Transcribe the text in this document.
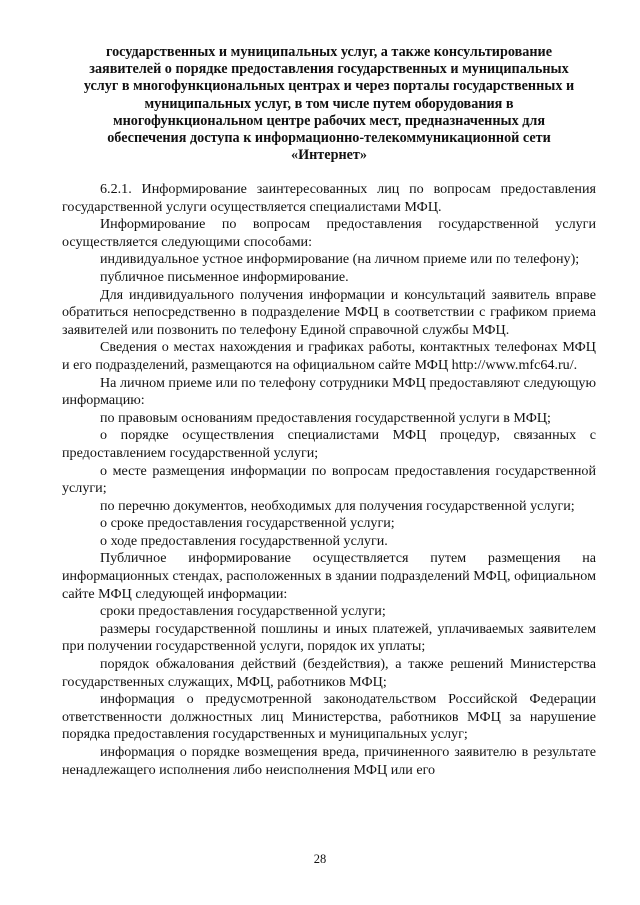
государственных и муниципальных услуг, а также консультирование
заявителей о порядке предоставления государственных и муниципальных
услуг в многофункциональных центрах и через порталы государственных и
муниципальных услуг, в том числе путем оборудования в
многофункциональном центре рабочих мест, предназначенных для
обеспечения доступа к информационно-телекоммуникационной сети
«Интернет»

6.2.1. Информирование заинтересованных лиц по вопросам предоставления государственной услуги осуществляется специалистами МФЦ.

Информирование по вопросам предоставления государственной услуги осуществляется следующими способами:

индивидуальное устное информирование (на личном приеме или по телефону);

публичное письменное информирование.

Для индивидуального получения информации и консультаций заявитель вправе обратиться непосредственно в подразделение МФЦ в соответствии с графиком приема заявителей или позвонить по телефону Единой справочной службы МФЦ.

Сведения о местах нахождения и графиках работы, контактных телефонах МФЦ и его подразделений, размещаются на официальном сайте МФЦ http://www.mfc64.ru/.

На личном приеме или по телефону сотрудники МФЦ предоставляют следующую информацию:

по правовым основаниям предоставления государственной услуги в МФЦ;

о порядке осуществления специалистами МФЦ процедур, связанных с предоставлением государственной услуги;

о месте размещения информации по вопросам предоставления государственной услуги;

по перечню документов, необходимых для получения государственной услуги;

о сроке предоставления государственной услуги;

о ходе предоставления государственной услуги.

Публичное информирование осуществляется путем размещения на информационных стендах, расположенных в здании подразделений МФЦ, официальном сайте МФЦ следующей информации:

сроки предоставления государственной услуги;

размеры государственной пошлины и иных платежей, уплачиваемых заявителем при получении государственной услуги, порядок их уплаты;

порядок обжалования действий (бездействия), а также решений Министерства государственных служащих, МФЦ, работников МФЦ;

информация о предусмотренной законодательством Российской Федерации ответственности должностных лиц Министерства, работников МФЦ за нарушение порядка предоставления государственных и муниципальных услуг;

информация о порядке возмещения вреда, причиненного заявителю в результате ненадлежащего исполнения либо неисполнения МФЦ или его

28
